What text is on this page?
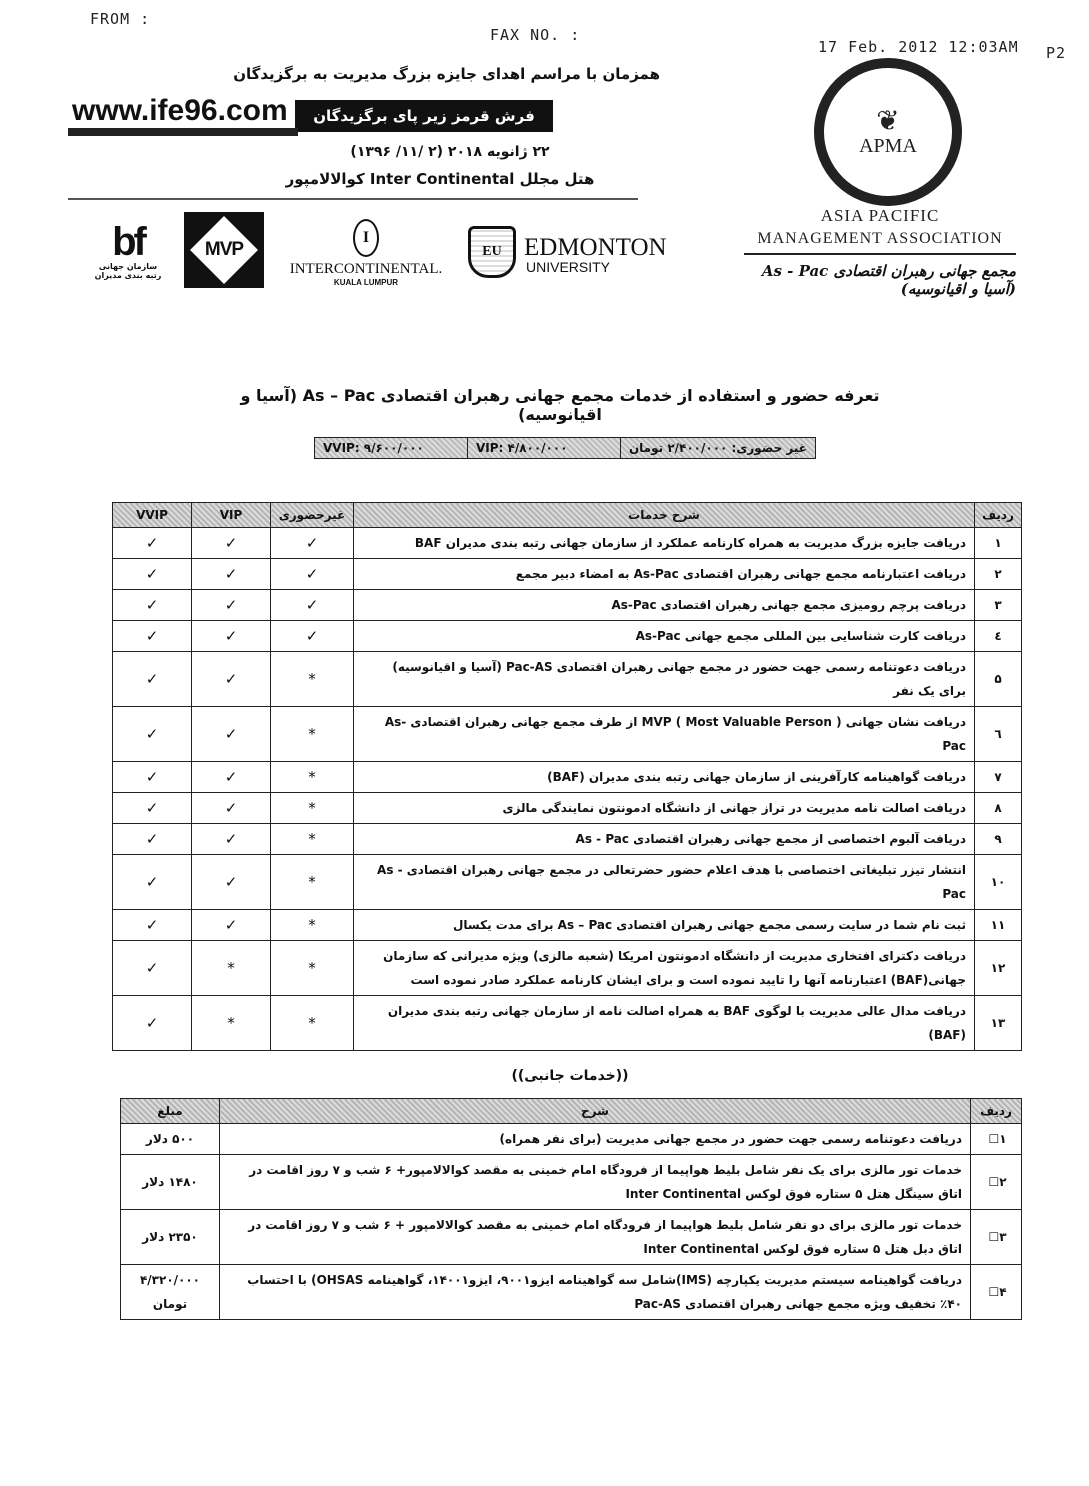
FROM :
FAX NO. :
17 Feb. 2012 12:03AM P2
همزمان با مراسم اهدای جایزه بزرگ مدیریت به برگزیدگان
www.ife96.com	فرش قرمز زیر پای برگزیدگان
۲۲ ژانویه ۲۰۱۸ (۲ /۱۱/ ۱۳۹۶)
هتل مجلل Inter Continental کوالالامپور
bf
سازمان جهانی
رتبه بندی مدیران
MVP
I
INTERCONTINENTAL.
KUALA LUMPUR
EU EDMONTON
UNIVERSITY
❦
APMA
ASIA PACIFIC
MANAGEMENT ASSOCIATION
مجمع جهانی رهبران اقتصادی As - Pac (آسیا و اقیانوسیه)
تعرفه حضور و استفاده از خدمات مجمع جهانی رهبران اقتصادی As – Pac (آسیا و اقیانوسیه)
غیر حضوری: ۲/۴۰۰/۰۰۰ تومان
VIP: ۴/۸۰۰/۰۰۰
VVIP: ۹/۶۰۰/۰۰۰
ردیف	شرح خدمات	غیرحضوری	VIP	VVIP
۱	دریافت جایزه بزرگ مدیریت به همراه کارنامه عملکرد از سازمان جهانی رتبه بندی مدیران BAF	✓	✓	✓
۲	دریافت اعتبارنامه مجمع جهانی رهبران اقتصادی As-Pac به امضاء دبیر مجمع	✓	✓	✓
۳	دریافت پرچم رومیزی مجمع جهانی رهبران اقتصادی As-Pac	✓	✓	✓
٤	دریافت کارت شناسایی بین المللی مجمع جهانی As-Pac	✓	✓	✓
۵	دریافت دعوتنامه رسمی جهت حضور در مجمع جهانی رهبران اقتصادی Pac-AS (آسیا و اقیانوسیه) برای یک نفر	*	✓	✓
٦	دریافت نشان جهانی ( MVP ( Most Valuable Person از طرف مجمع جهانی رهبران اقتصادی As-Pac	*	✓	✓
۷	دریافت گواهینامه کارآفرینی از سازمان جهانی رتبه بندی مدیران (BAF)	*	✓	✓
۸	دریافت اصالت نامه مدیریت در تراز جهانی از دانشگاه ادمونتون نمایندگی مالزی	*	✓	✓
۹	دریافت آلبوم اختصاصی از مجمع جهانی رهبران اقتصادی As - Pac	*	✓	✓
۱۰	انتشار تیزر تبلیغاتی اختصاصی با هدف اعلام حضور حضرتعالی در مجمع جهانی رهبران اقتصادی As - Pac	*	✓	✓
۱۱	ثبت نام شما در سایت رسمی مجمع جهانی رهبران اقتصادی As – Pac برای مدت یکسال	*	✓	✓
۱۲	دریافت دکترای افتخاری مدیریت از دانشگاه ادمونتون امریکا (شعبه مالزی) ویژه مدیرانی که سازمان جهانی(BAF) اعتبارنامه آنها را تایید نموده است و برای ایشان کارنامه عملکرد صادر نموده است	*	*	✓
۱۳	دریافت مدال عالی مدیریت با لوگوی BAF به همراه اصالت نامه از سازمان جهانی رتبه بندی مدیران (BAF)	*	*	✓
((خدمات جانبی))
ردیف	شرح	مبلغ
۱☐	دریافت دعوتنامه رسمی جهت حضور در مجمع جهانی مدیریت (برای نفر همراه)	۵۰۰ دلار
۲☐	خدمات تور مالزی برای یک نفر شامل بلیط هواپیما از فرودگاه امام خمینی به مقصد کوالالامپور+ ۶ شب و ۷ روز اقامت در اتاق سینگل هتل ۵ ستاره فوق لوکس Inter Continental	۱۴۸۰ دلار
۳☐	خدمات تور مالزی برای دو نفر شامل بلیط هواپیما از فرودگاه امام خمینی به مقصد کوالالامپور + ۶ شب و ۷ روز اقامت در اتاق دبل هتل ۵ ستاره فوق لوکس Inter Continental	۲۳۵۰ دلار
۴☐	دریافت گواهینامه سیستم مدیریت یکپارچه (IMS)شامل سه گواهینامه ایزو۹۰۰۱، ایزو۱۴۰۰۱، گواهینامه OHSAS) با احتساب ۴۰٪ تخفیف ویژه مجمع جهانی رهبران اقتصادی Pac-AS	۴/۳۲۰/۰۰۰ تومان
